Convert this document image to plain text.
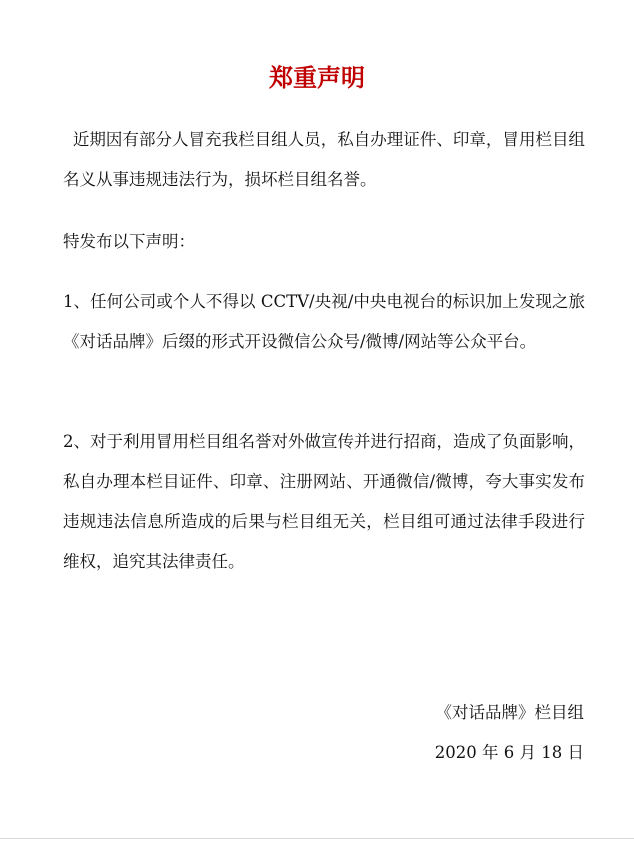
郑重声明

近期因有部分人冒充我栏目组人员，私自办理证件、印章，冒用栏目组名义从事违规违法行为，损坏栏目组名誉。

特发布以下声明：

1、任何公司或个人不得以 CCTV/央视/中央电视台的标识加上发现之旅《对话品牌》后缀的形式开设微信公众号/微博/网站等公众平台。

2、对于利用冒用栏目组名誉对外做宣传并进行招商，造成了负面影响，私自办理本栏目证件、印章、注册网站、开通微信/微博，夸大事实发布违规违法信息所造成的后果与栏目组无关，栏目组可通过法律手段进行维权，追究其法律责任。

《对话品牌》栏目组

2020 年 6 月 18 日
